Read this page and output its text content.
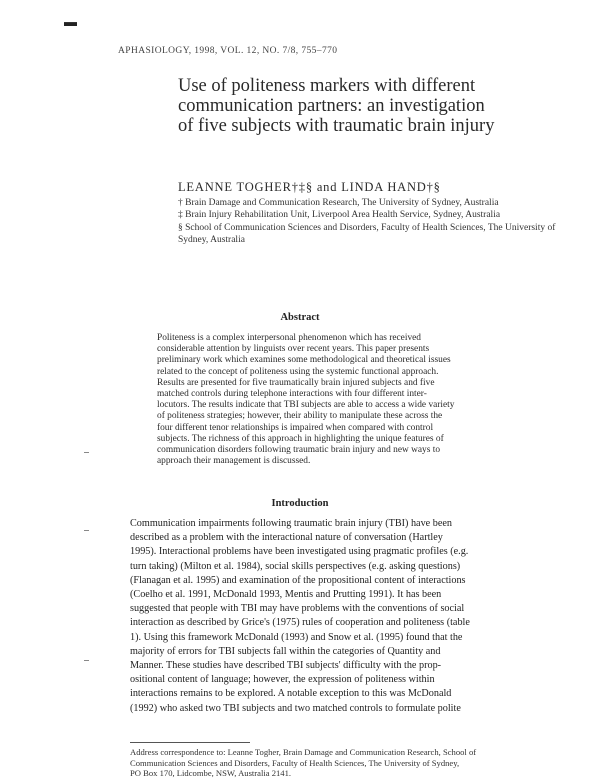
▬
APHASIOLOGY, 1998, VOL. 12, NO. 7/8, 755–770
Use of politeness markers with different
communication partners: an investigation
of five subjects with traumatic brain injury
LEANNE TOGHER†‡§ and LINDA HAND†§

† Brain Damage and Communication Research, The University of Sydney, Australia

‡ Brain Injury Rehabilitation Unit, Liverpool Area Health Service, Sydney, Australia

§ School of Communication Sciences and Disorders, Faculty of Health Sciences, The University of Sydney, Australia

Abstract
Politeness is a complex interpersonal phenomenon which has received
considerable attention by linguists over recent years. This paper presents
preliminary work which examines some methodological and theoretical issues
related to the concept of politeness using the systemic functional approach.
Results are presented for five traumatically brain injured subjects and five
matched controls during telephone interactions with four different inter-
locutors. The results indicate that TBI subjects are able to access a wide variety
of politeness strategies; however, their ability to manipulate these across the
four different tenor relationships is impaired when compared with control
subjects. The richness of this approach in highlighting the unique features of
communication disorders following traumatic brain injury and new ways to
approach their management is discussed.
Introduction
Communication impairments following traumatic brain injury (TBI) have been
described as a problem with the interactional nature of conversation (Hartley
1995). Interactional problems have been investigated using pragmatic profiles (e.g.
turn taking) (Milton et al. 1984), social skills perspectives (e.g. asking questions)
(Flanagan et al. 1995) and examination of the propositional content of interactions
(Coelho et al. 1991, McDonald 1993, Mentis and Prutting 1991). It has been
suggested that people with TBI may have problems with the conventions of social
interaction as described by Grice's (1975) rules of cooperation and politeness (table
1). Using this framework McDonald (1993) and Snow et al. (1995) found that the
majority of errors for TBI subjects fall within the categories of Quantity and
Manner. These studies have described TBI subjects' difficulty with the prop-
ositional content of language; however, the expression of politeness within
interactions remains to be explored. A notable exception to this was McDonald
(1992) who asked two TBI subjects and two matched controls to formulate polite
Address correspondence to: Leanne Togher, Brain Damage and Communication Research, School of
Communication Sciences and Disorders, Faculty of Health Sciences, The University of Sydney,
PO Box 170, Lidcombe, NSW, Australia 2141.
